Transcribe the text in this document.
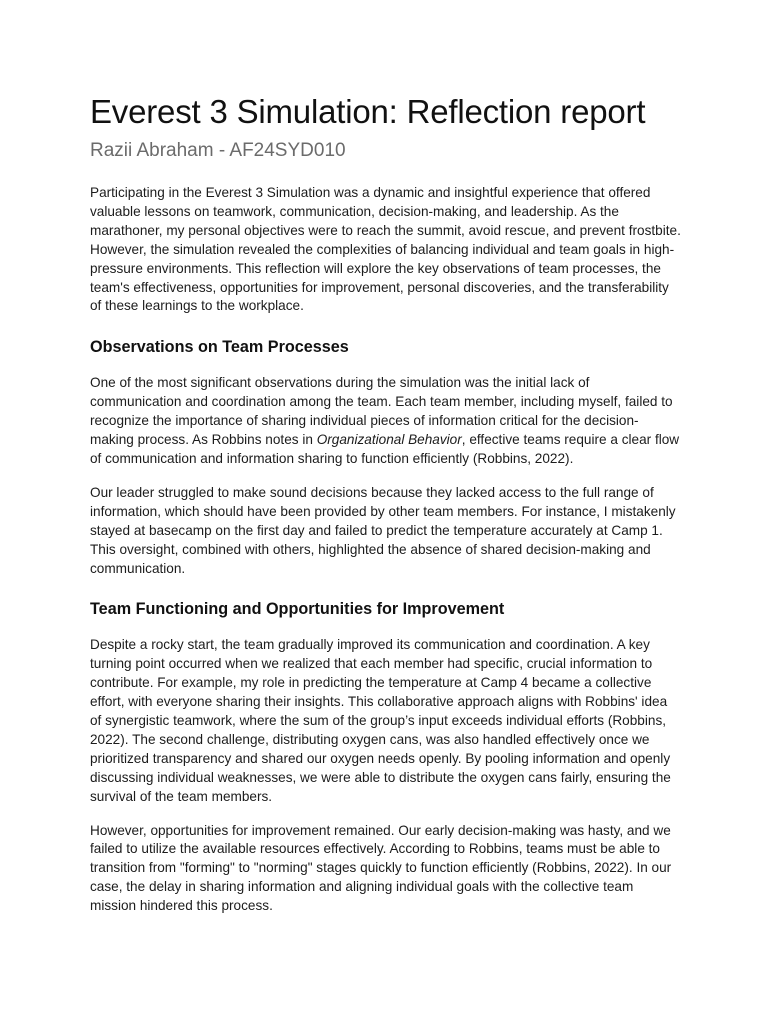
Everest 3 Simulation: Reflection report
Razii Abraham - AF24SYD010

Participating in the Everest 3 Simulation was a dynamic and insightful experience that offered valuable lessons on teamwork, communication, decision-making, and leadership. As the marathoner, my personal objectives were to reach the summit, avoid rescue, and prevent frostbite. However, the simulation revealed the complexities of balancing individual and team goals in high-pressure environments. This reflection will explore the key observations of team processes, the team's effectiveness, opportunities for improvement, personal discoveries, and the transferability of these learnings to the workplace.

Observations on Team Processes

One of the most significant observations during the simulation was the initial lack of communication and coordination among the team. Each team member, including myself, failed to recognize the importance of sharing individual pieces of information critical for the decision-making process. As Robbins notes in Organizational Behavior, effective teams require a clear flow of communication and information sharing to function efficiently (Robbins, 2022).

Our leader struggled to make sound decisions because they lacked access to the full range of information, which should have been provided by other team members. For instance, I mistakenly stayed at basecamp on the first day and failed to predict the temperature accurately at Camp 1. This oversight, combined with others, highlighted the absence of shared decision-making and communication.

Team Functioning and Opportunities for Improvement

Despite a rocky start, the team gradually improved its communication and coordination. A key turning point occurred when we realized that each member had specific, crucial information to contribute. For example, my role in predicting the temperature at Camp 4 became a collective effort, with everyone sharing their insights. This collaborative approach aligns with Robbins' idea of synergistic teamwork, where the sum of the group’s input exceeds individual efforts (Robbins, 2022). The second challenge, distributing oxygen cans, was also handled effectively once we prioritized transparency and shared our oxygen needs openly. By pooling information and openly discussing individual weaknesses, we were able to distribute the oxygen cans fairly, ensuring the survival of the team members.

However, opportunities for improvement remained. Our early decision-making was hasty, and we failed to utilize the available resources effectively. According to Robbins, teams must be able to transition from "forming" to "norming" stages quickly to function efficiently (Robbins, 2022). In our case, the delay in sharing information and aligning individual goals with the collective team mission hindered this process.
